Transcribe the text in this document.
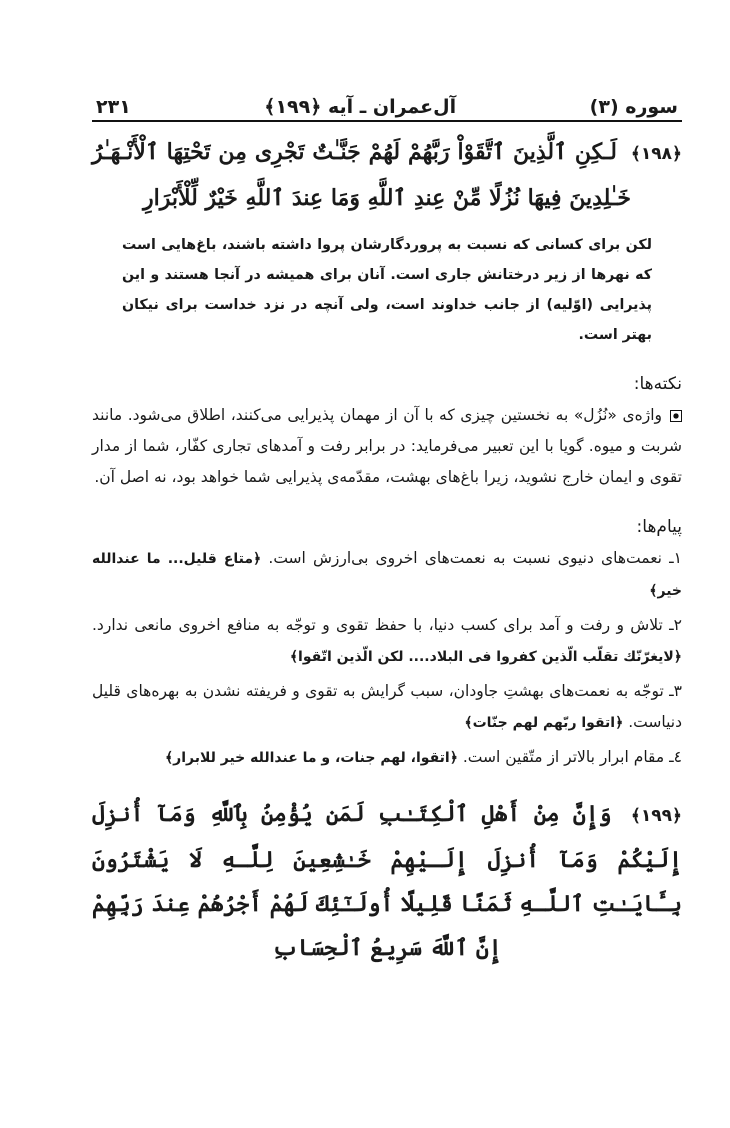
سوره (٣)
آل‌عمران ـ آیه ﴿١٩٩﴾
٢٣١

﴿١٩٨﴾ لَـكِنِ ٱلَّذِينَ ٱتَّقَوْاْ رَبَّهُمْ لَهُمْ جَنَّـٰتٌ تَجْرِى مِن تَحْتِهَا ٱلْأَنْـهَـٰرُ خَـٰلِدِينَ فِيهَا نُزُلًا مِّنْ عِندِ ٱللَّهِ وَمَا عِندَ ٱللَّهِ خَيْرٌ لِّلْأَبْرَارِ

لكن براى كسانى كه نسبت به پروردگارشان پروا داشته باشند، باغ‌هايى است كه نهرها از زير درختانش جارى است. آنان براى هميشه در آنجا هستند و اين پذيرايى (اوّليه) از جانب خداوند است، ولى آنچه در نزد خداست براى نيكان بهتر است.

نكته‌ها:

واژه‌ى «نُزُل» به نخستين چيزى كه با آن از مهمان پذيرايى مى‌كنند، اطلاق مى‌شود. مانند شربت و ميوه. گويا با اين تعبير مى‌فرمايد: در برابر رفت و آمدهاى تجارى كفّار، شما از مدار تقوى و ايمان خارج نشويد، زيرا باغ‌هاى بهشت، مقدّمه‌ى پذيرايى شما خواهد بود، نه اصل آن.

پيام‌ها:
١ـ نعمت‌هاى دنيوى نسبت به نعمت‌هاى اخروى بى‌ارزش است. ﴿متاع قليل... ما عندالله خير﴾
٢ـ تلاش و رفت و آمد براى كسب دنيا، با حفظ تقوى و توجّه به منافع اخروى مانعى ندارد. ﴿لايغرّنّك تقلّب الّذين كفروا فى البلاد.... لكن الّذين اتّقوا﴾
٣ـ توجّه به نعمت‌هاى بهشتِ جاودان، سبب گرايش به تقوى و فريفته نشدن به بهره‌هاى قليل دنياست. ﴿اتقوا ربّهم لهم جنّات﴾
٤ـ مقام ابرار بالاتر از متّقين است. ﴿اتقوا، لهم جنات، و ما عندالله خير للابرار﴾

﴿١٩٩﴾ وَإِنَّ مِنْ أَهْلِ ٱلْكِتَـٰبِ لَمَن يُؤْمِنُ بِٱللَّهِ وَمَآ أُنزِلَ إِلَيْكُمْ وَمَآ أُنزِلَ إِلَـيْهِمْ خَـٰشِعِينَ لِلَّـهِ لَا يَشْتَرُونَ بِـَٔايَـٰتِ ٱللَّـهِ ثَمَنًا قَلِيلًا أُولَـٰٓئِكَ لَهُمْ أَجْرُهُمْ عِندَ رَبِّهِمْ إِنَّ ٱللَّهَ سَرِيعُ ٱلْحِسَابِ
